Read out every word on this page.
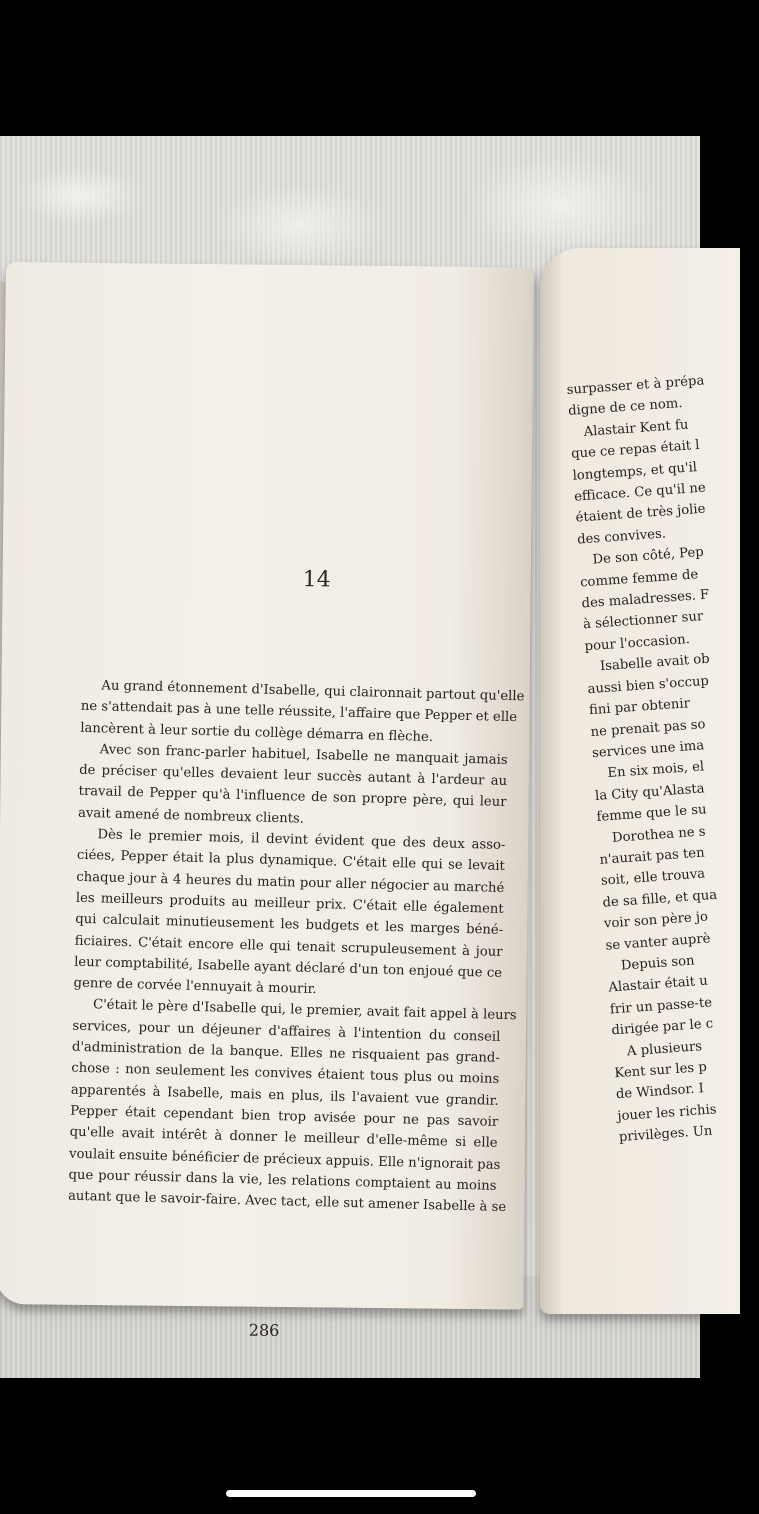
14
Au grand étonnement d'Isabelle, qui claironnait partout qu'elle
ne s'attendait pas à une telle réussite, l'affaire que Pepper et elle
lancèrent à leur sortie du collège démarra en flèche.
Avec son franc-parler habituel, Isabelle ne manquait jamais
de préciser qu'elles devaient leur succès autant à l'ardeur au
travail de Pepper qu'à l'influence de son propre père, qui leur
avait amené de nombreux clients.
Dès le premier mois, il devint évident que des deux asso-
ciées, Pepper était la plus dynamique. C'était elle qui se levait
chaque jour à 4 heures du matin pour aller négocier au marché
les meilleurs produits au meilleur prix. C'était elle également
qui calculait minutieusement les budgets et les marges béné-
ficiaires. C'était encore elle qui tenait scrupuleusement à jour
leur comptabilité, Isabelle ayant déclaré d'un ton enjoué que ce
genre de corvée l'ennuyait à mourir.
C'était le père d'Isabelle qui, le premier, avait fait appel à leurs
services, pour un déjeuner d'affaires à l'intention du conseil
d'administration de la banque. Elles ne risquaient pas grand-
chose : non seulement les convives étaient tous plus ou moins
apparentés à Isabelle, mais en plus, ils l'avaient vue grandir.
Pepper était cependant bien trop avisée pour ne pas savoir
qu'elle avait intérêt à donner le meilleur d'elle-même si elle
voulait ensuite bénéficier de précieux appuis. Elle n'ignorait pas
que pour réussir dans la vie, les relations comptaient au moins
autant que le savoir-faire. Avec tact, elle sut amener Isabelle à se
286
surpasser et à prépa
digne de ce nom.
Alastair Kent fu
que ce repas était l
longtemps, et qu'il
efficace. Ce qu'il ne
étaient de très jolie
des convives.
De son côté, Pep
comme femme de
des maladresses. F
à sélectionner sur
pour l'occasion.
Isabelle avait ob
aussi bien s'occup
fini par obtenir
ne prenait pas so
services une ima
En six mois, el
la City qu'Alasta
femme que le su
Dorothea ne s
n'aurait pas ten
soit, elle trouva
de sa fille, et qua
voir son père jo
se vanter auprè
Depuis son
Alastair était u
frir un passe-te
dirigée par le c
A plusieurs
Kent sur les p
de Windsor. I
jouer les richis
privilèges. Un
